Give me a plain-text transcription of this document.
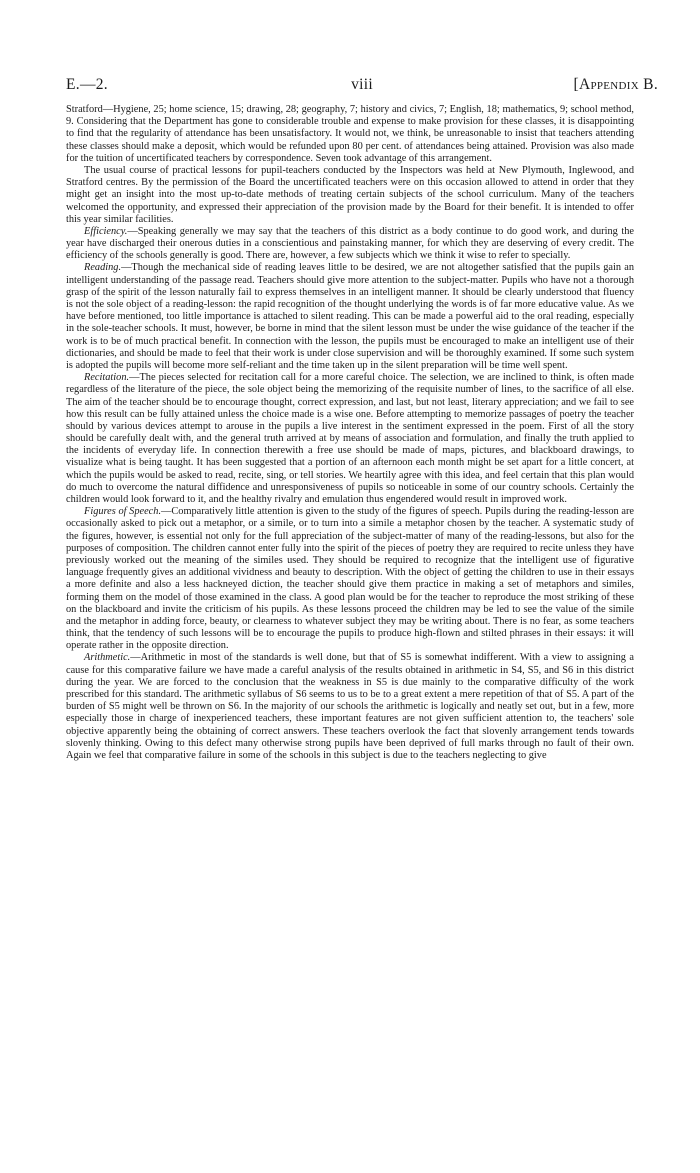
E.—2.	viii	[Appendix B.

Stratford—Hygiene, 25; home science, 15; drawing, 28; geography, 7; history and civics, 7; English, 18; mathematics, 9; school method, 9. Considering that the Department has gone to considerable trouble and expense to make provision for these classes, it is disappointing to find that the regularity of attendance has been unsatisfactory. It would not, we think, be unreasonable to insist that teachers attending these classes should make a deposit, which would be refunded upon 80 per cent. of attendances being attained. Provision was also made for the tuition of uncertificated teachers by correspondence. Seven took advantage of this arrangement.

The usual course of practical lessons for pupil-teachers conducted by the Inspectors was held at New Plymouth, Inglewood, and Stratford centres. By the permission of the Board the uncertificated teachers were on this occasion allowed to attend in order that they might get an insight into the most up-to-date methods of treating certain subjects of the school curriculum. Many of the teachers welcomed the opportunity, and expressed their appreciation of the provision made by the Board for their benefit. It is intended to offer this year similar facilities.

Efficiency.—Speaking generally we may say that the teachers of this district as a body continue to do good work, and during the year have discharged their onerous duties in a conscientious and painstaking manner, for which they are deserving of every credit. The efficiency of the schools generally is good. There are, however, a few subjects which we think it wise to refer to specially.

Reading.—Though the mechanical side of reading leaves little to be desired, we are not altogether satisfied that the pupils gain an intelligent understanding of the passage read. Teachers should give more attention to the subject-matter. Pupils who have not a thorough grasp of the spirit of the lesson naturally fail to express themselves in an intelligent manner. It should be clearly understood that fluency is not the sole object of a reading-lesson: the rapid recognition of the thought underlying the words is of far more educative value. As we have before mentioned, too little importance is attached to silent reading. This can be made a powerful aid to the oral reading, especially in the sole-teacher schools. It must, however, be borne in mind that the silent lesson must be under the wise guidance of the teacher if the work is to be of much practical benefit. In connection with the lesson, the pupils must be encouraged to make an intelligent use of their dictionaries, and should be made to feel that their work is under close supervision and will be thoroughly examined. If some such system is adopted the pupils will become more self-reliant and the time taken up in the silent preparation will be time well spent.

Recitation.—The pieces selected for recitation call for a more careful choice. The selection, we are inclined to think, is often made regardless of the literature of the piece, the sole object being the memorizing of the requisite number of lines, to the sacrifice of all else. The aim of the teacher should be to encourage thought, correct expression, and last, but not least, literary appreciation; and we fail to see how this result can be fully attained unless the choice made is a wise one. Before attempting to memorize passages of poetry the teacher should by various devices attempt to arouse in the pupils a live interest in the sentiment expressed in the poem. First of all the story should be carefully dealt with, and the general truth arrived at by means of association and formulation, and finally the truth applied to the incidents of everyday life. In connection therewith a free use should be made of maps, pictures, and blackboard drawings, to visualize what is being taught. It has been suggested that a portion of an afternoon each month might be set apart for a little concert, at which the pupils would be asked to read, recite, sing, or tell stories. We heartily agree with this idea, and feel certain that this plan would do much to overcome the natural diffidence and unresponsiveness of pupils so noticeable in some of our country schools. Certainly the children would look forward to it, and the healthy rivalry and emulation thus engendered would result in improved work.

Figures of Speech.—Comparatively little attention is given to the study of the figures of speech. Pupils during the reading-lesson are occasionally asked to pick out a metaphor, or a simile, or to turn into a simile a metaphor chosen by the teacher. A systematic study of the figures, however, is essential not only for the full appreciation of the subject-matter of many of the reading-lessons, but also for the purposes of composition. The children cannot enter fully into the spirit of the pieces of poetry they are required to recite unless they have previously worked out the meaning of the similes used. They should be required to recognize that the intelligent use of figurative language frequently gives an additional vividness and beauty to description. With the object of getting the children to use in their essays a more definite and also a less hackneyed diction, the teacher should give them practice in making a set of metaphors and similes, forming them on the model of those examined in the class. A good plan would be for the teacher to reproduce the most striking of these on the blackboard and invite the criticism of his pupils. As these lessons proceed the children may be led to see the value of the simile and the metaphor in adding force, beauty, or clearness to whatever subject they may be writing about. There is no fear, as some teachers think, that the tendency of such lessons will be to encourage the pupils to produce high-flown and stilted phrases in their essays: it will operate rather in the opposite direction.

Arithmetic.—Arithmetic in most of the standards is well done, but that of S5 is somewhat indifferent. With a view to assigning a cause for this comparative failure we have made a careful analysis of the results obtained in arithmetic in S4, S5, and S6 in this district during the year. We are forced to the conclusion that the weakness in S5 is due mainly to the comparative difficulty of the work prescribed for this standard. The arithmetic syllabus of S6 seems to us to be to a great extent a mere repetition of that of S5. A part of the burden of S5 might well be thrown on S6. In the majority of our schools the arithmetic is logically and neatly set out, but in a few, more especially those in charge of inexperienced teachers, these important features are not given sufficient attention to, the teachers' sole objective apparently being the obtaining of correct answers. These teachers overlook the fact that slovenly arrangement tends towards slovenly thinking. Owing to this defect many otherwise strong pupils have been deprived of full marks through no fault of their own. Again we feel that comparative failure in some of the schools in this subject is due to the teachers neglecting to give
